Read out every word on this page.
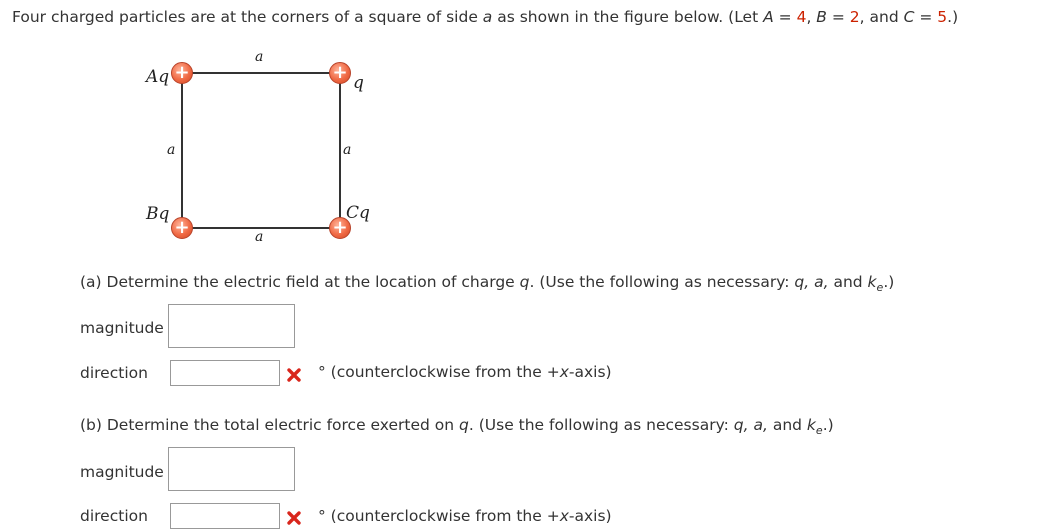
Four charged particles are at the corners of a square of side a as shown in the figure below. (Let A = 4, B = 2, and C = 5.)
+	+
+	+
Aq	q
Bq	Cq
a
a	a
a
(a) Determine the electric field at the location of charge q. (Use the following as necessary: q, a, and $k_e$.)
magnitude
direction	° (counterclockwise from the +x-axis)
(b) Determine the total electric force exerted on q. (Use the following as necessary: q, a, and $k_e$.)
magnitude
direction	° (counterclockwise from the +x-axis)
